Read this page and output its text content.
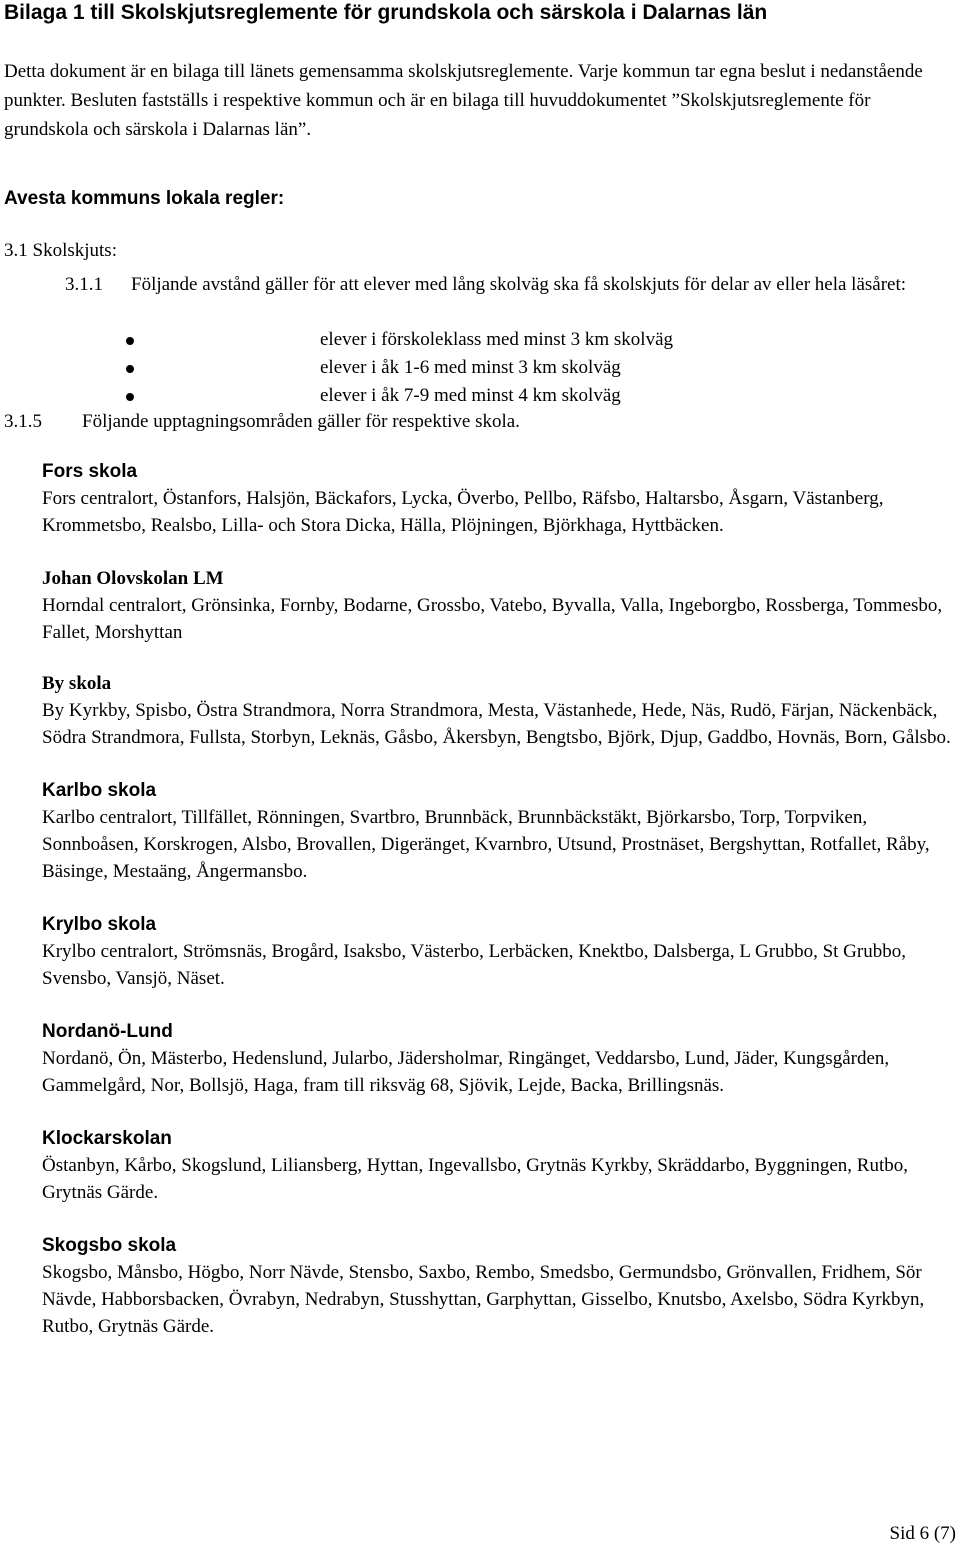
Bilaga 1 till Skolskjutsreglemente för grundskola och särskola i Dalarnas län

Detta dokument är en bilaga till länets gemensamma skolskjutsreglemente. Varje kommun tar egna beslut i nedanstående punkter. Besluten fastställs i respektive kommun och är en bilaga till huvuddokumentet ”Skolskjutsreglemente för grundskola och särskola i Dalarnas län”.

Avesta kommuns lokala regler:

3.1 Skolskjuts:

3.1.1 Följande avstånd gäller för att elever med lång skolväg ska få skolskjuts för delar av eller hela läsåret:
elever i förskoleklass med minst 3 km skolväg
elever i åk 1-6 med minst 3 km skolväg
elever i åk 7-9 med minst 4 km skolväg
3.1.5 Följande upptagningsområden gäller för respektive skola.

Fors skola

Fors centralort, Östanfors, Halsjön, Bäckafors, Lycka, Överbo, Pellbo, Räfsbo, Haltarsbo, Åsgarn, Västanberg, Krommetsbo, Realsbo, Lilla- och Stora Dicka, Hälla, Plöjningen, Björkhaga, Hyttbäcken.

Johan Olovskolan LM

Horndal centralort, Grönsinka, Fornby, Bodarne, Grossbo, Vatebo, Byvalla, Valla, Ingeborgbo, Rossberga, Tommesbo, Fallet, Morshyttan

By skola

By Kyrkby, Spisbo, Östra Strandmora, Norra Strandmora, Mesta, Västanhede, Hede, Näs, Rudö, Färjan, Näckenbäck, Södra Strandmora, Fullsta, Storbyn, Leknäs, Gåsbo, Åkersbyn, Bengtsbo, Björk, Djup, Gaddbo, Hovnäs, Born, Gålsbo.

Karlbo skola

Karlbo centralort, Tillfället, Rönningen, Svartbro, Brunnbäck, Brunnbäckstäkt, Björkarsbo, Torp, Torpviken, Sonnboåsen, Korskrogen, Alsbo, Brovallen, Digeränget, Kvarnbro, Utsund, Prostnäset, Bergshyttan, Rotfallet, Råby, Bäsinge, Mestaäng, Ångermansbo.

Krylbo skola

Krylbo centralort, Strömsnäs, Brogård, Isaksbo, Västerbo, Lerbäcken, Knektbo, Dalsberga, L Grubbo, St Grubbo, Svensbo, Vansjö, Näset.

Nordanö-Lund

Nordanö, Ön, Mästerbo, Hedenslund, Jularbo, Jädersholmar, Ringänget, Veddarsbo, Lund, Jäder, Kungsgården, Gammelgård, Nor, Bollsjö, Haga, fram till riksväg 68, Sjövik, Lejde, Backa, Brillingsnäs.

Klockarskolan

Östanbyn, Kårbo, Skogslund, Liliansberg, Hyttan, Ingevallsbo, Grytnäs Kyrkby, Skräddarbo, Byggningen, Rutbo, Grytnäs Gärde.

Skogsbo skola

Skogsbo, Månsbo, Högbo, Norr Nävde, Stensbo, Saxbo, Rembo, Smedsbo, Germundsbo, Grönvallen, Fridhem, Sör Nävde, Habborsbacken, Övrabyn, Nedrabyn, Stusshyttan, Garphyttan, Gisselbo, Knutsbo, Axelsbo, Södra Kyrkbyn, Rutbo, Grytnäs Gärde.

Sid 6 (7)
